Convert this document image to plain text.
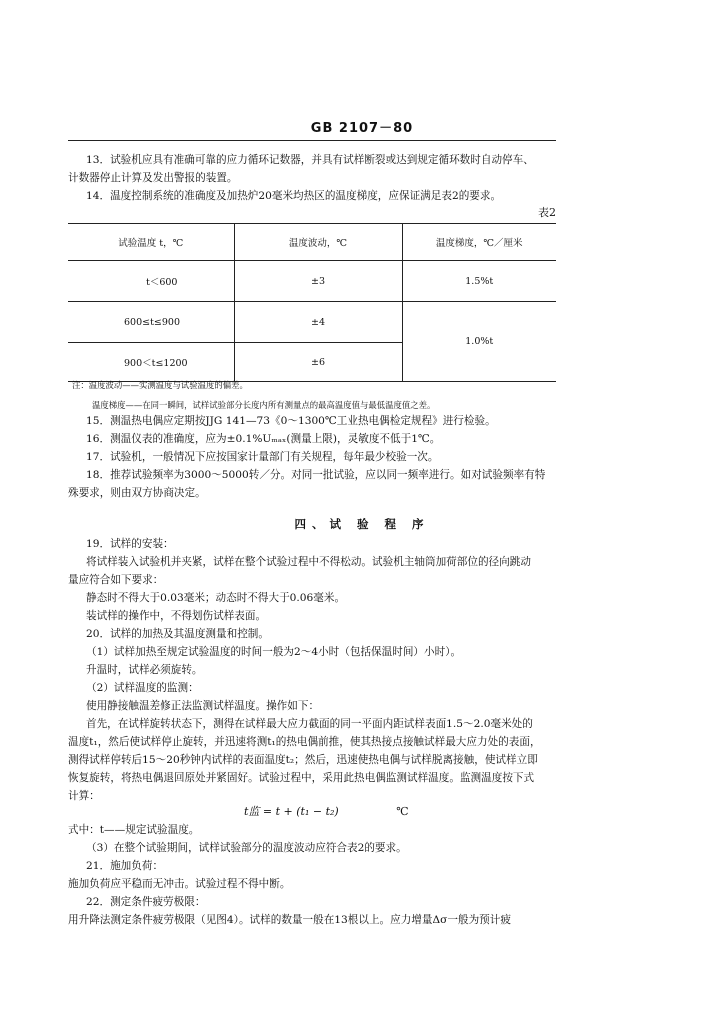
GB 2107－80
13．试验机应具有准确可靠的应力循环记数器，并具有试样断裂或达到规定循环数时自动停车、
计数器停止计算及发出警报的装置。
14．温度控制系统的准确度及加热炉20毫米均热区的温度梯度，应保证满足表2的要求。
表2
试验温度 t，℃	温度波动，℃	温度梯度，℃／厘米
t＜600	±3	1.5%t
600≤t≤900	±4	1.0%t
900＜t≤1200	±6	
注：温度波动——实测温度与试验温度的偏差。
温度梯度——在同一瞬间，试样试验部分长度内所有测量点的最高温度值与最低温度值之差。
15．测温热电偶应定期按JJG 141—73《0～1300℃工业热电偶检定规程》进行检验。
16．测温仪表的准确度，应为±0.1%Uₘₐₓ(测量上限)，灵敏度不低于1℃。
17．试验机，一般情况下应按国家计量部门有关规程，每年最少校验一次。
18．推荐试验频率为3000～5000转／分。对同一批试验，应以同一频率进行。如对试验频率有特
殊要求，则由双方协商决定。
四、试 验 程 序
19．试样的安装：
将试样装入试验机并夹紧，试样在整个试验过程中不得松动。试验机主轴筒加荷部位的径向跳动
量应符合如下要求：
静态时不得大于0.03毫米；动态时不得大于0.06毫米。
装试样的操作中，不得划伤试样表面。
20．试样的加热及其温度测量和控制。
（1）试样加热至规定试验温度的时间一般为2～4小时（包括保温时间）小时）。
升温时，试样必须旋转。
（2）试样温度的监测：
使用静接触温差修正法监测试样温度。操作如下：
首先，在试样旋转状态下，测得在试样最大应力截面的同一平面内距试样表面1.5～2.0毫米处的
温度t₁，然后使试样停止旋转，并迅速将测t₁的热电偶前推，使其热接点接触试样最大应力处的表面，
测得试样停转后15～20秒钟内试样的表面温度t₂；然后，迅速使热电偶与试样脱离接触，使试样立即
恢复旋转，将热电偶退回原处并紧固好。试验过程中，采用此热电偶监测试样温度。监测温度按下式
计算：
t监 = t + (t₁ − t₂)	℃
式中：t——规定试验温度。
（3）在整个试验期间，试样试验部分的温度波动应符合表2的要求。
21．施加负荷：
施加负荷应平稳而无冲击。试验过程不得中断。
22．测定条件疲劳极限：
用升降法测定条件疲劳极限（见图4）。试样的数量一般在13根以上。应力增量Δσ一般为预计疲
